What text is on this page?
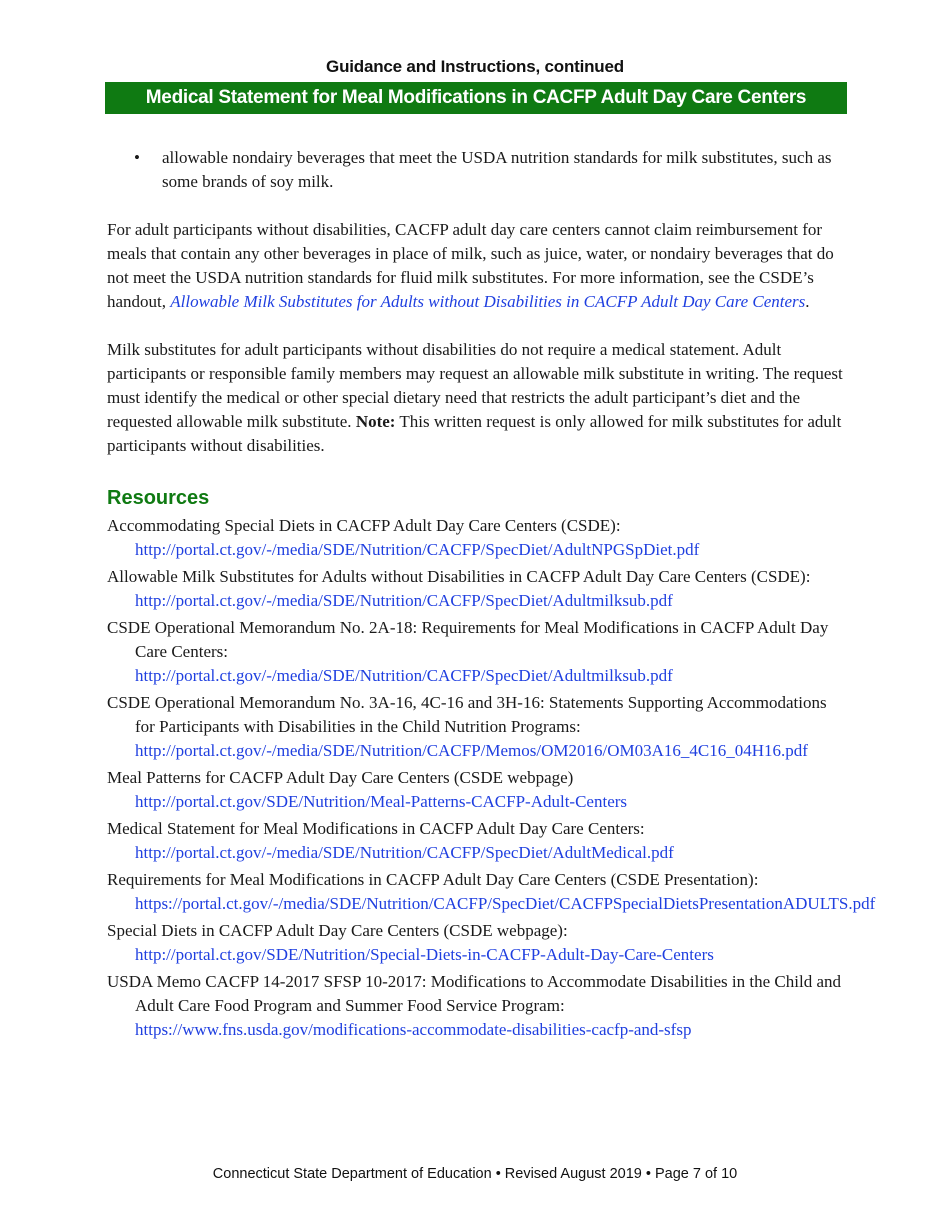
Guidance and Instructions, continued
Medical Statement for Meal Modifications in CACFP Adult Day Care Centers
•	allowable nondairy beverages that meet the USDA nutrition standards for milk substitutes, such as some brands of soy milk.

For adult participants without disabilities, CACFP adult day care centers cannot claim reimbursement for meals that contain any other beverages in place of milk, such as juice, water, or nondairy beverages that do not meet the USDA nutrition standards for fluid milk substitutes. For more information, see the CSDE’s handout, Allowable Milk Substitutes for Adults without Disabilities in CACFP Adult Day Care Centers.

Milk substitutes for adult participants without disabilities do not require a medical statement. Adult participants or responsible family members may request an allowable milk substitute in writing. The request must identify the medical or other special dietary need that restricts the adult participant’s diet and the requested allowable milk substitute. Note: This written request is only allowed for milk substitutes for adult participants without disabilities.

Resources
Accommodating Special Diets in CACFP Adult Day Care Centers (CSDE):
http://portal.ct.gov/-/media/SDE/Nutrition/CACFP/SpecDiet/AdultNPGSpDiet.pdf
Allowable Milk Substitutes for Adults without Disabilities in CACFP Adult Day Care Centers (CSDE):
http://portal.ct.gov/-/media/SDE/Nutrition/CACFP/SpecDiet/Adultmilksub.pdf
CSDE Operational Memorandum No. 2A-18: Requirements for Meal Modifications in CACFP Adult Day Care Centers:
http://portal.ct.gov/-/media/SDE/Nutrition/CACFP/SpecDiet/Adultmilksub.pdf
CSDE Operational Memorandum No. 3A-16, 4C-16 and 3H-16: Statements Supporting Accommodations for Participants with Disabilities in the Child Nutrition Programs:
http://portal.ct.gov/-/media/SDE/Nutrition/CACFP/Memos/OM2016/OM03A16_4C16_04H16.pdf
Meal Patterns for CACFP Adult Day Care Centers (CSDE webpage)
http://portal.ct.gov/SDE/Nutrition/Meal-Patterns-CACFP-Adult-Centers
Medical Statement for Meal Modifications in CACFP Adult Day Care Centers:
http://portal.ct.gov/-/media/SDE/Nutrition/CACFP/SpecDiet/AdultMedical.pdf
Requirements for Meal Modifications in CACFP Adult Day Care Centers (CSDE Presentation):
https://portal.ct.gov/-/media/SDE/Nutrition/CACFP/SpecDiet/CACFPSpecialDietsPresentationADULTS.pdf
Special Diets in CACFP Adult Day Care Centers (CSDE webpage):
http://portal.ct.gov/SDE/Nutrition/Special-Diets-in-CACFP-Adult-Day-Care-Centers
USDA Memo CACFP 14-2017 SFSP 10-2017: Modifications to Accommodate Disabilities in the Child and Adult Care Food Program and Summer Food Service Program:
https://www.fns.usda.gov/modifications-accommodate-disabilities-cacfp-and-sfsp
Connecticut State Department of Education • Revised August 2019 • Page 7 of 10
